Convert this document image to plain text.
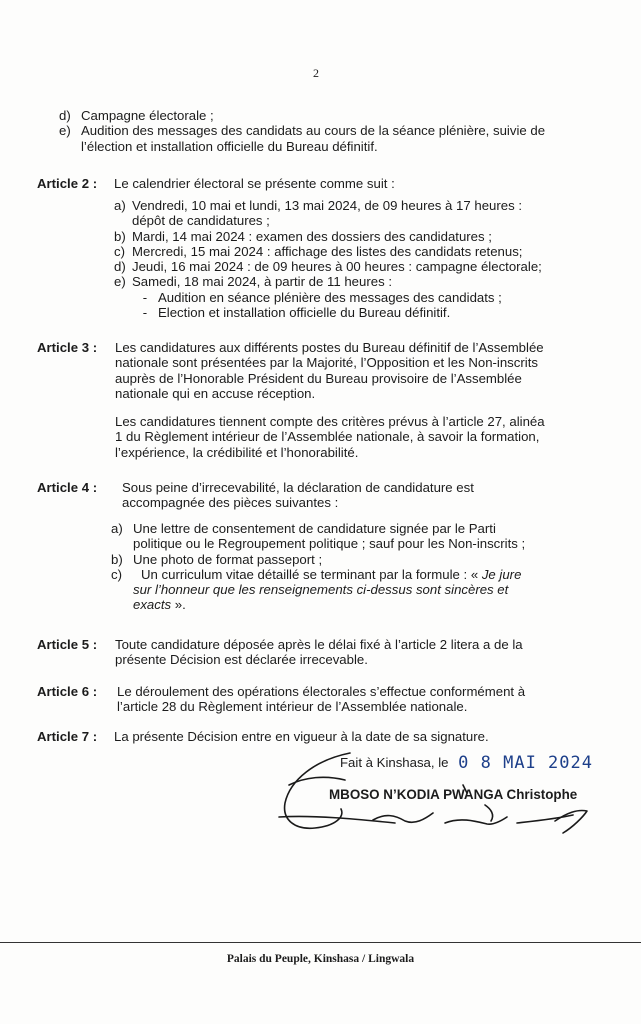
2
d) Campagne électorale ;
e) Audition des messages des candidats au cours de la séance plénière, suivie de
l’élection et installation officielle du Bureau définitif.
Article 2 :	Le calendrier électoral se présente comme suit :
a) Vendredi, 10 mai et lundi, 13 mai 2024, de 09 heures à 17 heures :
dépôt de candidatures ;
b) Mardi, 14 mai 2024 : examen des dossiers des candidatures ;
c) Mercredi, 15 mai 2024 : affichage des listes des candidats retenus;
d) Jeudi, 16 mai 2024 : de 09 heures à 00 heures : campagne électorale;
e) Samedi, 18 mai 2024, à partir de 11 heures :
- Audition en séance plénière des messages des candidats ;
- Election et installation officielle du Bureau définitif.
Article 3 :	Les candidatures aux différents postes du Bureau définitif de l’Assemblée
nationale sont présentées par la Majorité, l’Opposition et les Non-inscrits
auprès de l’Honorable Président du Bureau provisoire de l’Assemblée
nationale qui en accuse réception.
Les candidatures tiennent compte des critères prévus à l’article 27, alinéa
1 du Règlement intérieur de l’Assemblée nationale, à savoir la formation,
l’expérience, la crédibilité et l’honorabilité.
Article 4 :	Sous peine d’irrecevabilité, la déclaration de candidature est
accompagnée des pièces suivantes :
a) Une lettre de consentement de candidature signée par le Parti
politique ou le Regroupement politique ; sauf pour les Non-inscrits ;
b) Une photo de format passeport ;
c)	Un curriculum vitae détaillé se terminant par la formule : « Je jure
sur l’honneur que les renseignements ci-dessus sont sincères et
exacts ».
Article 5 :	Toute candidature déposée après le délai fixé à l’article 2 litera a de la
présente Décision est déclarée irrecevable.
Article 6 :	Le déroulement des opérations électorales s’effectue conformément à
l’article 28 du Règlement intérieur de l’Assemblée nationale.
Article 7 :	La présente Décision entre en vigueur à la date de sa signature.
Fait à Kinshasa, le 0 8 MAI 2024
MBOSO N’KODIA PWANGA Christophe
Palais du Peuple, Kinshasa / Lingwala
